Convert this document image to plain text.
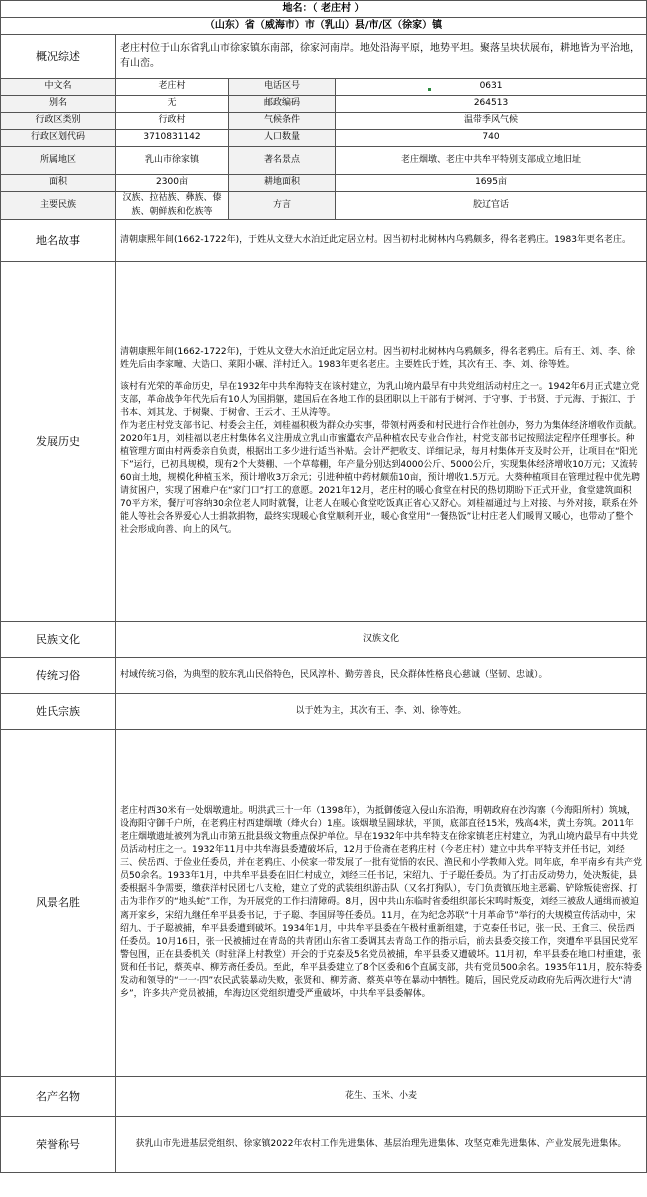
地名：（ 老庄村 ）			
（山东）省（威海市）市（乳山）县/市/区（徐家）镇			
概况综述	老庄村位于山东省乳山市徐家镇东南部，徐家河南岸。地处沿海平原，地势平坦。聚落呈块状展布，耕地皆为平治地，有山峦。		
中文名	老庄村	电话区号	0631
别名	无	邮政编码	264513
行政区类别	行政村	气候条件	温带季风气候
行政区划代码	3710831142	人口数量	740
所属地区	乳山市徐家镇	著名景点	老庄烟墩、老庄中共牟平特别支部成立地旧址
面积	2300亩	耕地面积	1695亩
主要民族	汉族、拉祜族、彝族、傣族、朝鲜族和仡族等	方言	胶辽官话
地名故事	清朝康熙年间(1662-1722年)，于姓从文登大水泊迁此定居立村。因当初村北树林内乌鸦颇多，得名老鸦庄。1983年更名老庄。		
发展历史	清朝康熙年间(1662-1722年)，于姓从文登大水泊迁此定居立村。因当初村北树林内乌鸦颇多，得名老鸦庄。后有王、刘、李、徐姓先后由李家疃、大诰口、莱阳小碾、洋村迁入。1983年更名老庄。主要姓氏于姓，其次有王、李、刘、徐等姓。

该村有光荣的革命历史，早在1932年中共牟海特支在该村建立，为乳山境内最早有中共党组活动村庄之一。1942年6月正式建立党支部，革命战争年代先后有10人为国捐躯，建国后在各地工作的县团职以上干部有于树河、于守事、于书贤、于元海、于振江、于书本、刘其龙、于树聚、于树會、王云才、王从涛等。

作为老庄村党支部书记、村委会主任，刘桂福积极为群众办实事，带领村两委和村民进行合作社创办，努力为集体经济增收作贡献。

2020年1月，刘桂福以老庄村集体名义注册成立乳山市蜜蠹农产品种植农民专业合作社，村党支部书记按照法定程序任理事长。种植管理方面由村两委亲自负责，根据出工多少进行适当补贴。会计严把收支、详细记录，每月村集体开支及时公开，让项目在“阳光下”运行，已初具规模，现有2个大葵棚、一个草莓棚，年产量分别达到4000公斤、5000公斤，实现集体经济增收10万元；又流转60亩土地，规模化种植玉米，预计增收3万余元；引进种植中药材颇茄10亩，预计增收1.5万元。大葵种植项目在管理过程中优先聘请贫困户，实现了困难户在“家门口”打工的意愿。2021年12月，老庄村的暖心食堂在村民的热切期盼下正式开业，食堂建筑面积70平方米，餐厅可容纳30余位老人同时就餐，让老人在暖心食堂吃饭真正省心又舒心。刘桂福通过与上对接、与外对接，联系在外能人等社会各界爱心人士捐款捐物，最终实现暖心食堂顺利开业，暖心食堂用“一餐热饭”让村庄老人们暖胃又暖心，也带动了整个社会形成向善、向上的风气。		

民族文化	汉族文化		
传统习俗	村域传统习俗，为典型的胶东乳山民俗特色，民风淳朴、勤劳善良，民众群体性格良心慈诚（坚韧、忠诚）。		
姓氏宗族	以于姓为主，其次有王、李、刘、徐等姓。		
风景名胜	老庄村西30米有一处烟墩遗址。明洪武三十一年（1398年），为抵御倭寇入侵山东沿海，明朝政府在沙沟寨（今海阳所村）筑城，设海阳守御千户所，在老鸦庄村西建烟墩（烽火台）1座。该烟墩呈圆球状，平顶，底部直径15米，残高4米，黄土夯筑。2011年老庄烟墩遗址被列为乳山市第五批县级文物重点保护单位。早在1932年中共牟特支在徐家镇老庄村建立，为乳山境内最早有中共党员活动村庄之一。1932年11月中共牟海县委遭破坏后，12月于俭斋在老鸦庄村（今老庄村）建立中共牟平特支并任书记，刘经三、侯岳西、于俭业任委员，并在老鸦庄、小侯家一带发展了一批有觉悟的农民、渔民和小学教师入党。同年底，牟平南乡有共产党员50余名。1933年1月，中共牟平县委在旧仁村成立，刘经三任书记，宋绍九、于子聪任委员。为了打击反动势力，处决叛徒，县委根据斗争需要，缴获洋村民团七八支枪，建立了党的武装组织游击队（又名打狗队），专门负责镇压地主恶霸、铲除叛徒密探、打击为非作歹的“地头蛇”工作，为开展党的工作扫清障碍。8月，因中共山东临时省委组织部长宋鸣时叛变，刘经三被敌人通缉而被迫离开家乡，宋绍九继任牟平县委书记，于子聪、李国屏等任委员。11月，在为纪念苏联“十月革命节”举行的大规模宣传活动中，宋绍九、于子聪被捕，牟平县委遭到破坏。1934年1月，中共牟平县委在午极村重新组建，于克泰任书记，张一民、王食三、侯岳西任委员。10月16日，张一民被捕过在青岛的共青团山东省工委调其去青岛工作的指示后，前去县委交接工作，突遭牟平县国民党军警包围，正在县委机关（时驻泽上村教堂）开会的于克泰及5名党员被捕，牟平县委又遭破坏。11月初，牟平县委在地口村重建，张贤和任书记，蔡英卓、柳芳斋任委员。至此，牟平县委建立了8个区委和6个直属支部，共有党员500余名。1935年11月，胶东特委发动和领导的“一一·四”农民武装暴动失败，张贤和、柳芳斋、蔡英卓等在暴动中牺牲。随后，国民党反动政府先后两次进行大“清乡”，许多共产党员被捕，牟海边区党组织遭受严重破坏，中共牟平县委解体。		
名产名物	花生、玉米、小麦		
荣誉称号	获乳山市先进基层党组织、徐家镇2022年农村工作先进集体、基层治理先进集体、攻坚克难先进集体、产业发展先进集体。		
